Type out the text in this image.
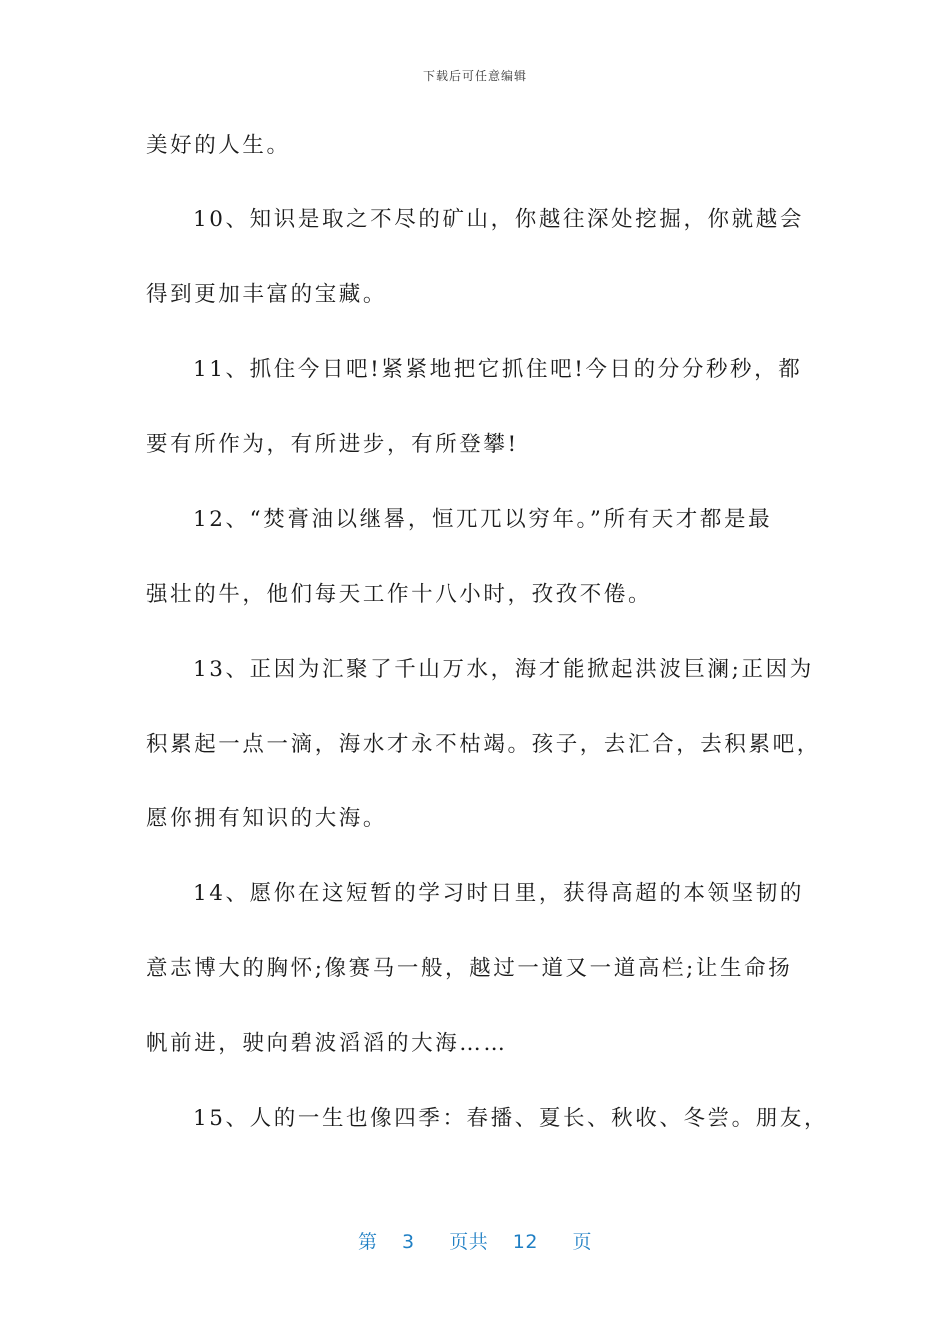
下载后可任意编辑
美好的人生。
10、知识是取之不尽的矿山，你越往深处挖掘，你就越会
得到更加丰富的宝藏。
11、抓住今日吧!紧紧地把它抓住吧!今日的分分秒秒，都
要有所作为，有所进步，有所登攀!
12、“焚膏油以继晷，恒兀兀以穷年。”所有天才都是最
强壮的牛，他们每天工作十八小时，孜孜不倦。
13、正因为汇聚了千山万水，海才能掀起洪波巨澜;正因为
积累起一点一滴，海水才永不枯竭。孩子，去汇合，去积累吧，
愿你拥有知识的大海。
14、愿你在这短暂的学习时日里，获得高超的本领坚韧的
意志博大的胸怀;像赛马一般，越过一道又一道高栏;让生命扬
帆前进，驶向碧波滔滔的大海……
15、人的一生也像四季：春播、夏长、秋收、冬尝。朋友，
第 3 页共 12 页
